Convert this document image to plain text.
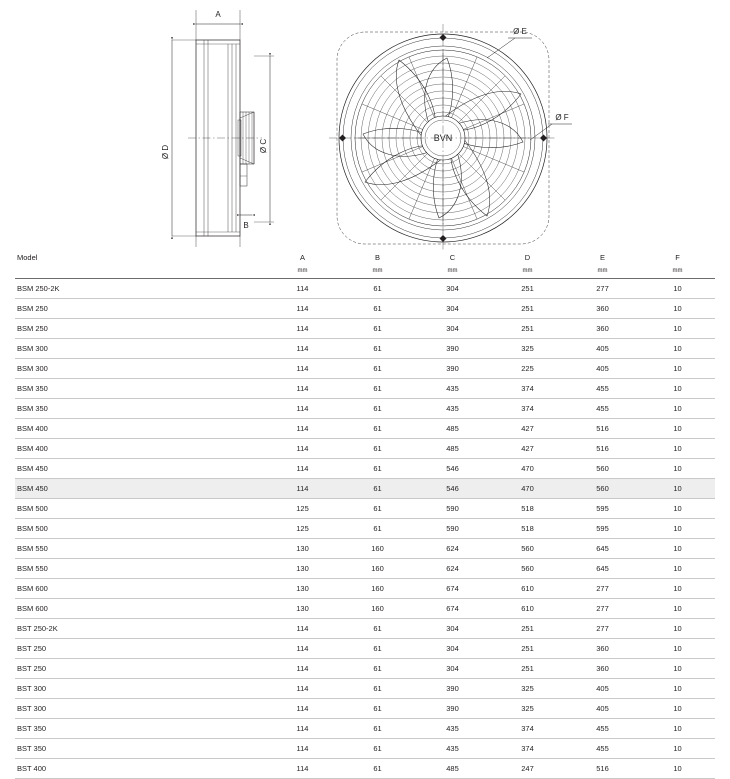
A
Ø D	Ø C
B
BVN
Ø E
Ø F
Model	A	B	C	D	E	F
	mm	mm	mm	mm	mm	mm
BSM 250-2K	114	61	304	251	277	10
BSM 250	114	61	304	251	360	10
BSM 250	114	61	304	251	360	10
BSM 300	114	61	390	325	405	10
BSM 300	114	61	390	225	405	10
BSM 350	114	61	435	374	455	10
BSM 350	114	61	435	374	455	10
BSM 400	114	61	485	427	516	10
BSM 400	114	61	485	427	516	10
BSM 450	114	61	546	470	560	10
BSM 450	114	61	546	470	560	10
BSM 500	125	61	590	518	595	10
BSM 500	125	61	590	518	595	10
BSM 550	130	160	624	560	645	10
BSM 550	130	160	624	560	645	10
BSM 600	130	160	674	610	277	10
BSM 600	130	160	674	610	277	10
BST 250-2K	114	61	304	251	277	10
BST 250	114	61	304	251	360	10
BST 250	114	61	304	251	360	10
BST 300	114	61	390	325	405	10
BST 300	114	61	390	325	405	10
BST 350	114	61	435	374	455	10
BST 350	114	61	435	374	455	10
BST 400	114	61	485	247	516	10
